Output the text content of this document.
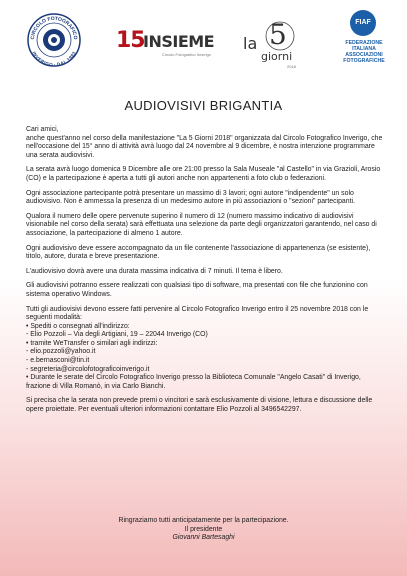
CIRCOLO FOTOGRAFICO
INVERIGO · DAL 1983
15
INSIEME
Circolo Fotografico Inverigo
la 5
giorni
2018
FIAF
FEDERAZIONE
ITALIANA
ASSOCIAZIONI
FOTOGRAFICHE
AUDIOVISIVI BRIGANTIA

Cari amici,

anche quest'anno nel corso della manifestazione "La 5 Giorni 2018" organizzata dal Circolo Fotografico Inverigo, che nell'occasione del 15° anno di attività avrà luogo dal 24 novembre al 9 dicembre, è nostra intenzione programmare una serata audiovisivi.

La serata avrà luogo domenica 9 Dicembre alle ore 21:00 presso la Sala Museale "al Castello" in via Grazioli, Arosio (CO) e la partecipazione è aperta a tutti gli autori anche non appartenenti a foto club o federazioni.

Ogni associazione partecipante potrà presentare un massimo di 3 lavori; ogni autore "indipendente" un solo audiovisivo. Non è ammessa la presenza di un medesimo autore in più associazioni o "sezioni" partecipanti.

Qualora il numero delle opere pervenute superino il numero di 12 (numero massimo indicativo di audiovisivi visionabile nel corso della serata) sarà effettuata una selezione da parte degli organizzatori garantendo, nel caso di associazione, la partecipazione di almeno 1 autore.

Ogni audiovisivo deve essere accompagnato da un file contenente l'associazione di appartenenza (se esistente), titolo, autore, durata e breve presentazione.

L'audiovisivo dovrà avere una durata massima indicativa di 7 minuti. Il tema è libero.

Gli audiovisivi potranno essere realizzati con qualsiasi tipo di software, ma presentati con file che funzionino con sistema operativo Windows.

Tutti gli audiovisivi devono essere fatti pervenire al Circolo Fotografico Inverigo entro il 25 novembre 2018 con le seguenti modalità:

• Spediti o consegnati all'indirizzo:
- Elio Pozzoli – Via degli Artigiani, 19 – 22044 Inverigo (CO)
• tramite WeTransfer o similari agli indirizzi:
- elio.pozzoli@yahoo.it
- e.bernasconi@tin.it
- segreteria@circolofotograficoinverigo.it
• Durante le serate del Circolo Fotografico Inverigo presso la Biblioteca Comunale "Angelo Casati" di Inverigo, frazione di Villa Romanò, in via Carlo Bianchi.

Si precisa che la serata non prevede premi o vincitori e sarà esclusivamente di visione, lettura e discussione delle opere proiettate. Per eventuali ulteriori informazioni contattare Elio Pozzoli al 3496542297.

Ringraziamo tutti anticipatamente per la partecipazione.
Il presidente
Giovanni Bartesaghi
